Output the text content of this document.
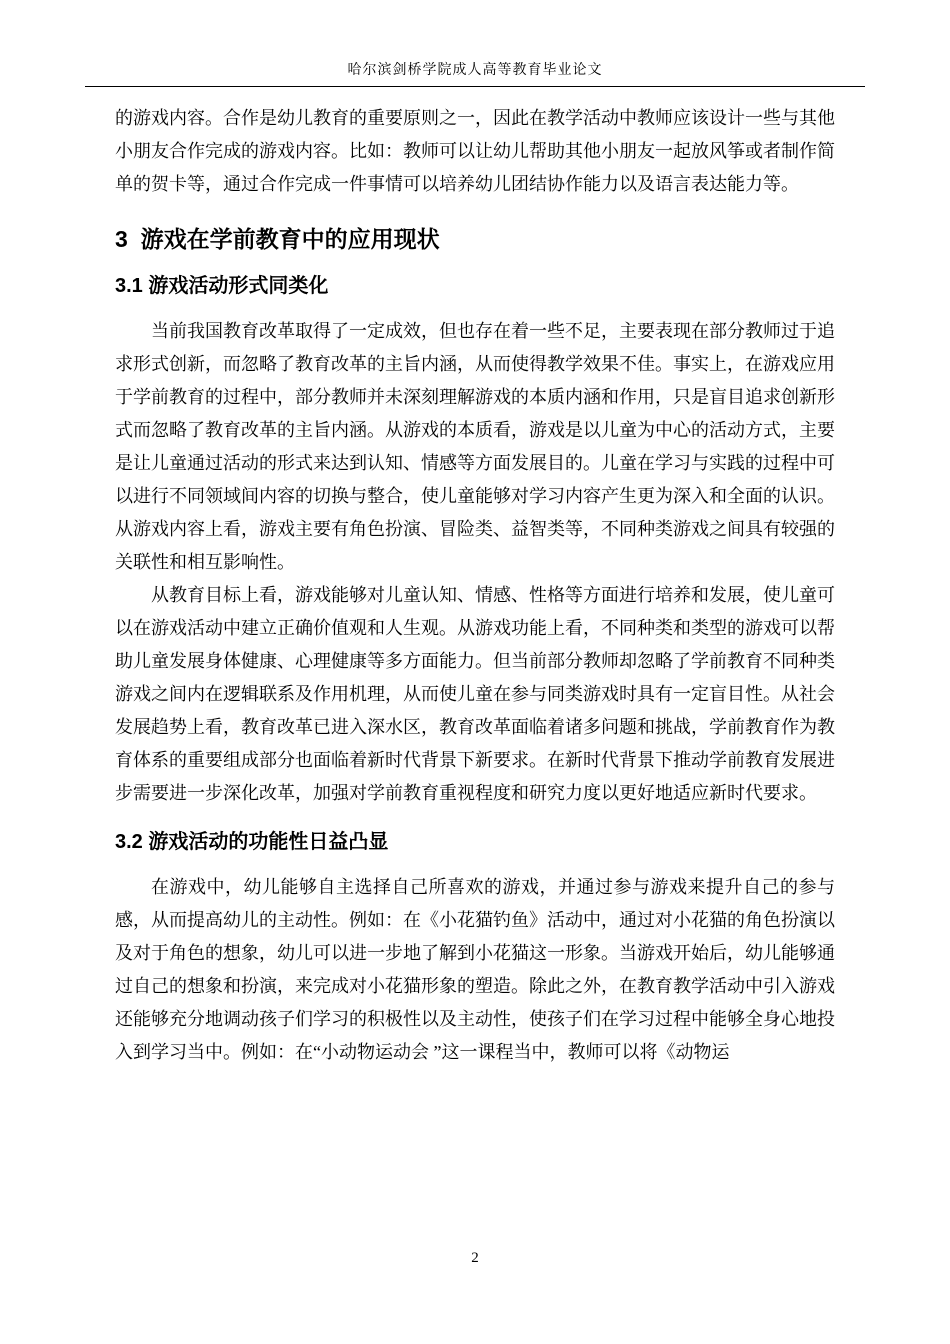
哈尔滨剑桥学院成人高等教育毕业论文

的游戏内容。合作是幼儿教育的重要原则之一，因此在教学活动中教师应该设计一些与其他小朋友合作完成的游戏内容。比如：教师可以让幼儿帮助其他小朋友一起放风筝或者制作简单的贺卡等，通过合作完成一件事情可以培养幼儿团结协作能力以及语言表达能力等。

3  游戏在学前教育中的应用现状
3.1 游戏活动形式同类化

当前我国教育改革取得了一定成效，但也存在着一些不足，主要表现在部分教师过于追求形式创新，而忽略了教育改革的主旨内涵，从而使得教学效果不佳。事实上，在游戏应用于学前教育的过程中，部分教师并未深刻理解游戏的本质内涵和作用，只是盲目追求创新形式而忽略了教育改革的主旨内涵。从游戏的本质看，游戏是以儿童为中心的活动方式，主要是让儿童通过活动的形式来达到认知、情感等方面发展目的。儿童在学习与实践的过程中可以进行不同领域间内容的切换与整合，使儿童能够对学习内容产生更为深入和全面的认识。从游戏内容上看，游戏主要有角色扮演、冒险类、益智类等，不同种类游戏之间具有较强的关联性和相互影响性。

从教育目标上看，游戏能够对儿童认知、情感、性格等方面进行培养和发展，使儿童可以在游戏活动中建立正确价值观和人生观。从游戏功能上看，不同种类和类型的游戏可以帮助儿童发展身体健康、心理健康等多方面能力。但当前部分教师却忽略了学前教育不同种类游戏之间内在逻辑联系及作用机理，从而使儿童在参与同类游戏时具有一定盲目性。从社会发展趋势上看，教育改革已进入深水区，教育改革面临着诸多问题和挑战，学前教育作为教育体系的重要组成部分也面临着新时代背景下新要求。在新时代背景下推动学前教育发展进步需要进一步深化改革，加强对学前教育重视程度和研究力度以更好地适应新时代要求。

3.2 游戏活动的功能性日益凸显

在游戏中，幼儿能够自主选择自己所喜欢的游戏，并通过参与游戏来提升自己的参与感，从而提高幼儿的主动性。例如：在《小花猫钓鱼》活动中，通过对小花猫的角色扮演以及对于角色的想象，幼儿可以进一步地了解到小花猫这一形象。当游戏开始后，幼儿能够通过自己的想象和扮演，来完成对小花猫形象的塑造。除此之外，在教育教学活动中引入游戏还能够充分地调动孩子们学习的积极性以及主动性，使孩子们在学习过程中能够全身心地投入到学习当中。例如：在“小动物运动会 ”这一课程当中，教师可以将《动物运

2
